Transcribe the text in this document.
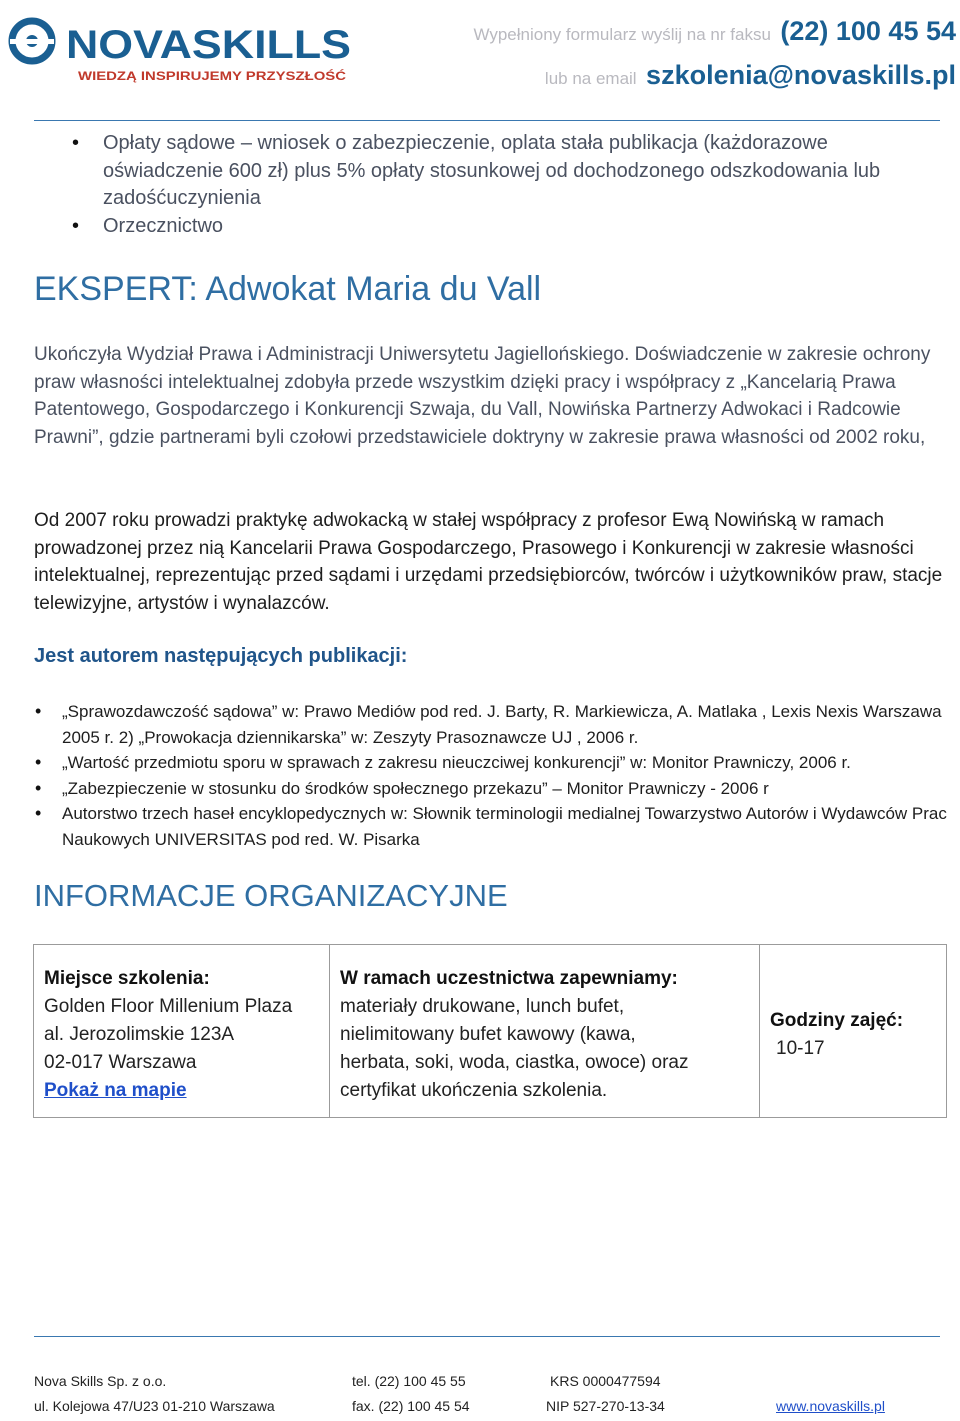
NOVASKILLS
WIEDZĄ INSPIRUJEMY PRZYSZŁOŚĆ
Wypełniony formularz wyślij na nr faksu (22) 100 45 54
lub na email szkolenia@novaskills.pl
• Opłaty sądowe – wniosek o zabezpieczenie, oplata stała publikacja (każdorazowe oświadczenie 600 zł) plus 5% opłaty stosunkowej od dochodzonego odszkodowania lub zadośćuczynienia
• Orzecznictwo
EKSPERT: Adwokat Maria du Vall
Ukończyła Wydział Prawa i Administracji Uniwersytetu Jagiellońskiego. Doświadczenie w zakresie ochrony praw własności intelektualnej zdobyła przede wszystkim dzięki pracy i współpracy z „Kancelarią Prawa Patentowego, Gospodarczego i Konkurencji Szwaja, du Vall, Nowińska Partnerzy Adwokaci i Radcowie Prawni”, gdzie partnerami byli czołowi przedstawiciele doktryny w zakresie prawa własności od 2002 roku,
Od 2007 roku prowadzi praktykę adwokacką w stałej współpracy z profesor Ewą Nowińską w ramach prowadzonej przez nią Kancelarii Prawa Gospodarczego, Prasowego i Konkurencji w zakresie własności intelektualnej, reprezentując przed sądami i urzędami przedsiębiorców, twórców i użytkowników praw, stacje telewizyjne, artystów i wynalazców.
Jest autorem następujących publikacji:
• „Sprawozdawczość sądowa” w: Prawo Mediów pod red. J. Barty, R. Markiewicza, A. Matlaka , Lexis Nexis Warszawa 2005 r. 2) „Prowokacja dziennikarska” w: Zeszyty Prasoznawcze UJ , 2006 r.
• „Wartość przedmiotu sporu w sprawach z zakresu nieuczciwej konkurencji” w: Monitor Prawniczy, 2006 r.
• „Zabezpieczenie w stosunku do środków społecznego przekazu” – Monitor Prawniczy - 2006 r
• Autorstwo trzech haseł encyklopedycznych w: Słownik terminologii medialnej Towarzystwo Autorów i Wydawców Prac Naukowych UNIVERSITAS pod red. W. Pisarka
INFORMACJE ORGANIZACYJNE
Miejsce szkolenia:
Golden Floor Millenium Plaza
al. Jerozolimskie 123A
02-017 Warszawa
Pokaż na mapie
W ramach uczestnictwa zapewniamy:
materiały drukowane, lunch bufet,
nielimitowany bufet kawowy (kawa,
herbata, soki, woda, ciastka, owoce) oraz
certyfikat ukończenia szkolenia.
Godziny zajęć:
10-17
Nova Skills Sp. z o.o.
ul. Kolejowa 47/U23 01-210 Warszawa
tel. (22) 100 45 55
fax. (22) 100 45 54
KRS 0000477594
NIP 527-270-13-34	www.novaskills.pl
